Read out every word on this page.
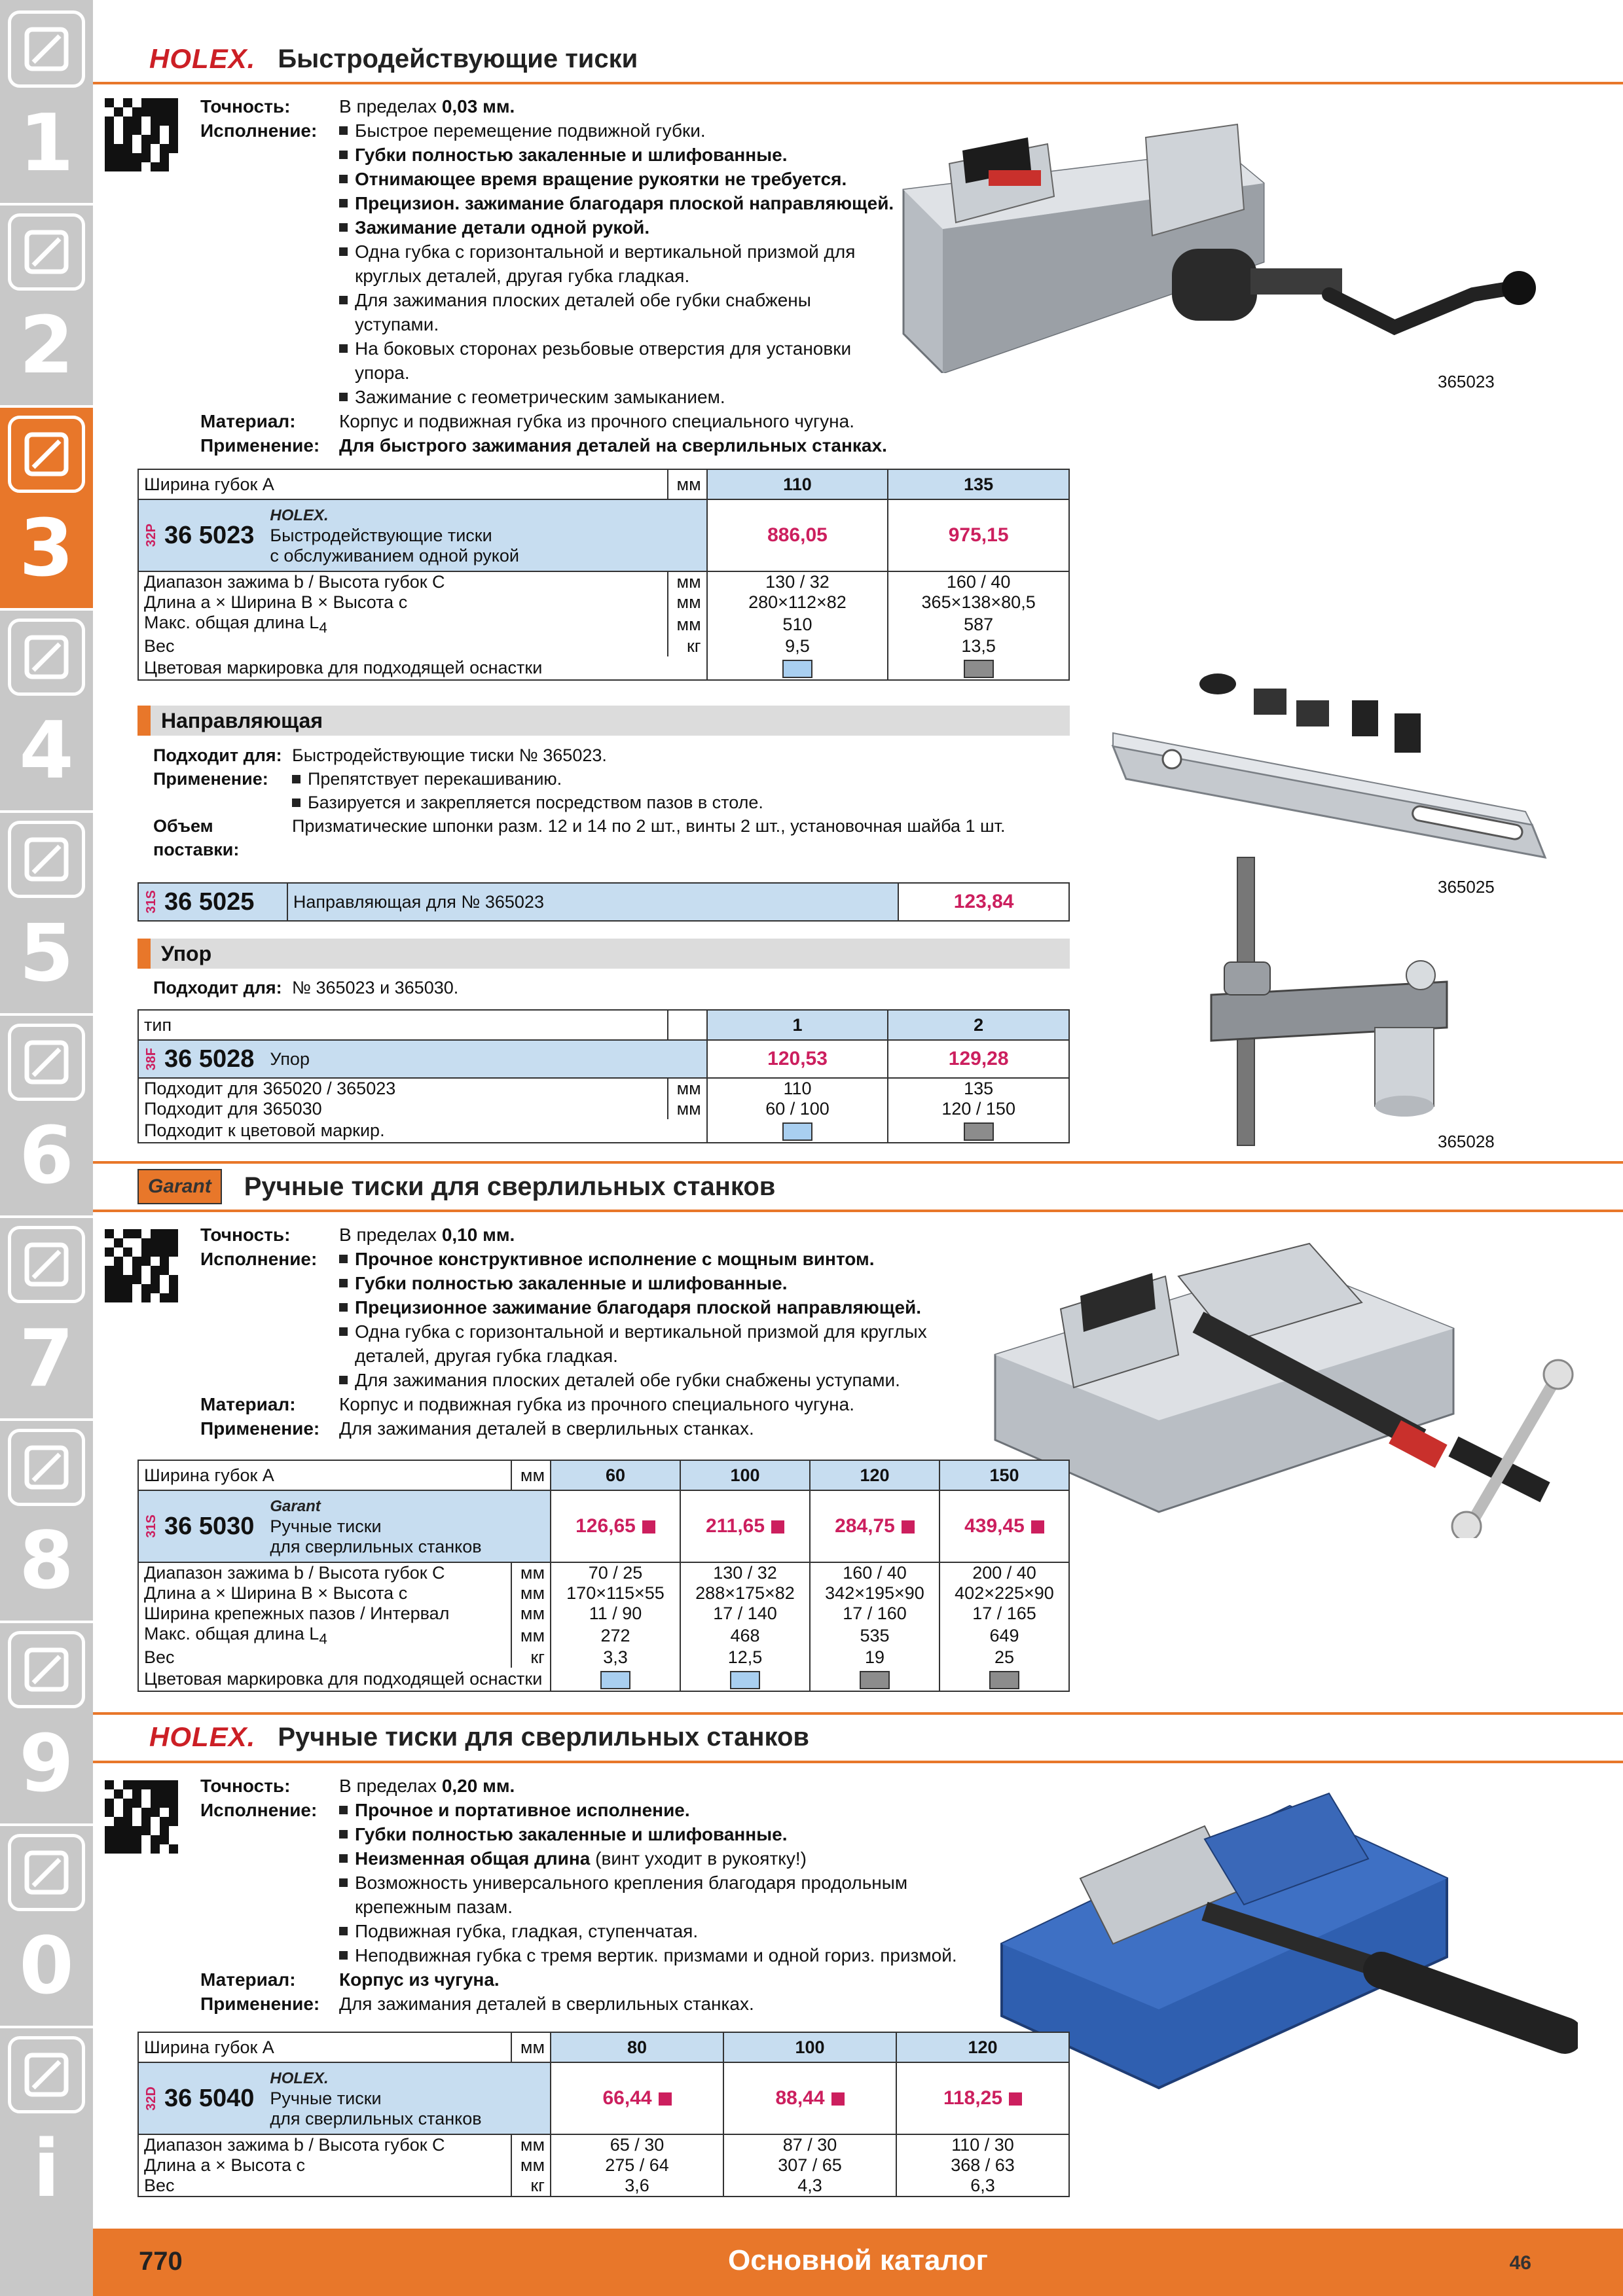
1
2
3
4
5
6
7
8
9
0
i
HOLEX. Быстродействующие тиски
Точность:	В пределах 0,03 мм.
Исполнение:	Быстрое перемещение подвижной губки.
Губки полностью закаленные и шлифованные.
Отнимающее время вращение рукоятки не требуется.
Прецизион. зажимание благодаря плоской направляющей.
Зажимание детали одной рукой.
Одна губка с горизонтальной и вертикальной призмой для круглых деталей, другая губка гладкая.
Для зажимания плоских деталей обе губки снабжены уступами.
На боковых сторонах резьбовые отверстия для установки упора.
Зажимание с геометрическим замыканием.
Материал:	Корпус и подвижная губка из прочного специального чугуна.
Применение:	Для быстрого зажимания деталей на сверлильных станках.
365023
Ширина губок A	мм	110	135

32P 36 5023
HOLEX.
Быстродействующие тиски
с обслуживанием одной рукой		886,05	975,15
Диапазон зажима b / Высота губок C	мм	130 / 32	160 / 40
Длина a × Ширина B × Высота c	мм	280×112×82	365×138×80,5
Макс. общая длина $L_4$	мм	510	587
Вес	кг	9,5	13,5
Цветовая маркировка для подходящей оснастки			
Направляющая
Подходит для: Быстродействующие тиски № 365023.
Применение:	Препятствует перекашиванию.
Базируется и закрепляется посредством пазов в столе.
Объем поставки:
Призматические шпонки разм. 12 и 14 по 2 шт., винты 2 шт., установочная шайба 1 шт.
31S 36 5025	Направляющая для № 365023	123,84
365025
Упор
Подходит для: № 365023 и 365030.
тип		1	2

38F 36 5028 Упор		120,53	129,28
Подходит для 365020 / 365023	мм	110	135
Подходит для 365030	мм	60 / 100	120 / 150
Подходит к цветовой маркир.			
365028
Garant	Ручные тиски для сверлильных станков
Точность:	В пределах 0,10 мм.
Исполнение:	Прочное конструктивное исполнение с мощным винтом.
Губки полностью закаленные и шлифованные.
Прецизионное зажимание благодаря плоской направляющей.
Одна губка с горизонтальной и вертикальной призмой для круглых деталей, другая губка гладкая.
Для зажимания плоских деталей обе губки снабжены уступами.
Материал:	Корпус и подвижная губка из прочного специального чугуна.
Применение:	Для зажимания деталей в сверлильных станках.
Ширина губок A	мм	60	100	120	150

31S 36 5030
Garant
Ручные тиски
для сверлильных станков		126,65	211,65	284,75	439,45
Диапазон зажима b / Высота губок C	мм	70 / 25	130 / 32	160 / 40	200 / 40
Длина a × Ширина B × Высота c	мм	170×115×55	288×175×82	342×195×90	402×225×90
Ширина крепежных пазов / Интервал	мм	11 / 90	17 / 140	17 / 160	17 / 165
Макс. общая длина $L_4$	мм	272	468	535	649
Вес	кг	3,3	12,5	19	25
Цветовая маркировка для подходящей оснастки					
HOLEX. Ручные тиски для сверлильных станков
Точность:	В пределах 0,20 мм.
Исполнение:	Прочное и портативное исполнение.
Губки полностью закаленные и шлифованные.
Неизменная общая длина (винт уходит в рукоятку!)
Возможность универсального крепления благодаря продольным крепежным пазам.
Подвижная губка, гладкая, ступенчатая.
Неподвижная губка с тремя вертик. призмами и одной гориз. призмой.
Материал:	Корпус из чугуна.
Применение:	Для зажимания деталей в сверлильных станках.
Ширина губок A	мм	80	100	120

32D 36 5040
HOLEX.
Ручные тиски
для сверлильных станков		66,44	88,44	118,25
Диапазон зажима b / Высота губок C	мм	65 / 30	87 / 30	110 / 30
Длина a × Высота c	мм	275 / 64	307 / 65	368 / 63
Вес	кг	3,6	4,3	6,3
770	Основной каталог	46
